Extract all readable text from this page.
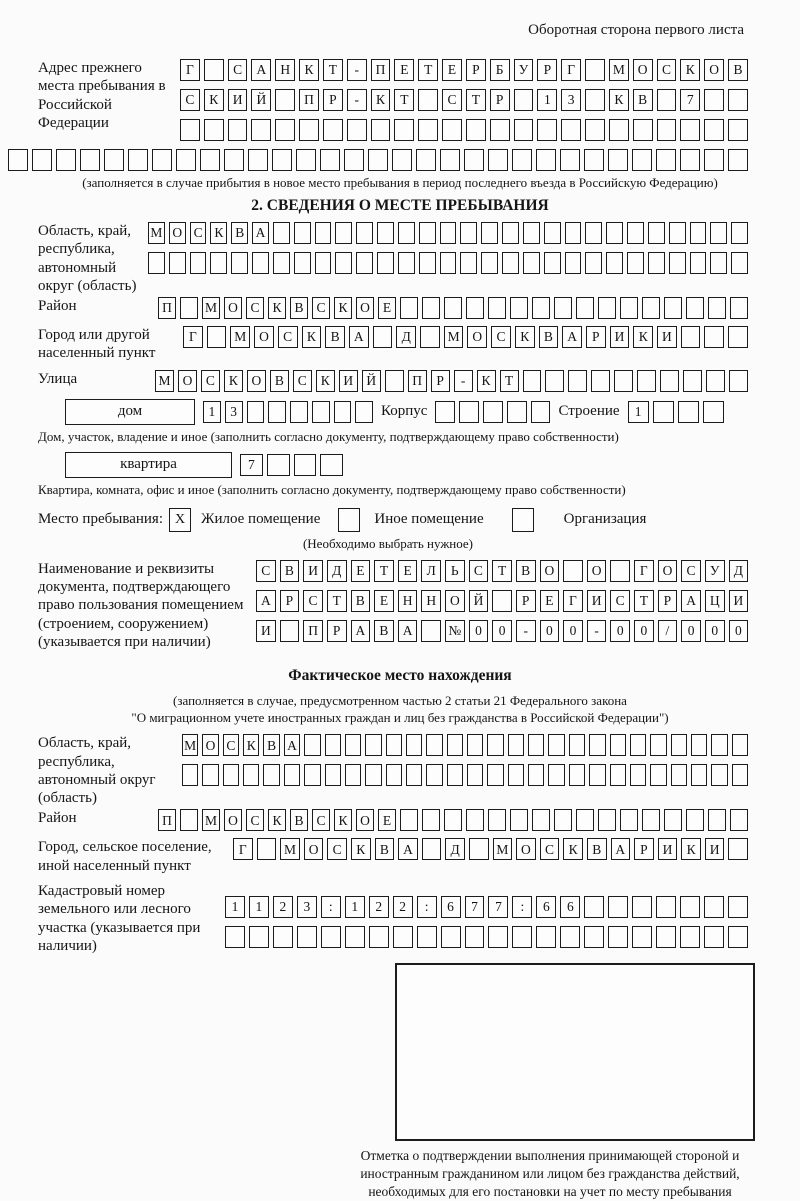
Оборотная сторона первого листа
Адрес прежнего места пребывания в Российской Федерации
Г	С	А	Н	К	Т	-	П	Е	Т	Е	Р	Б	У	Р	Г	М О	С	К	О	В
С	К	И	Й	П	Р	-	К	Т	С	Т	Р	1	3	К	В	7
(заполняется в случае прибытия в новое место пребывания в период последнего въезда в Российскую Федерацию)
2. СВЕДЕНИЯ О МЕСТЕ ПРЕБЫВАНИЯ
Область, край, республика, автономный округ (область)
М О С К В А
Район	П	М О С К В С К О Е
Город или другой населенный пункт
Г	М О	С	К	В	А	Д	М О	С	К	В	А	Р	И	К	И
Улица	М О	С	К	О	В	С	К	И Й	П	Р	-	К	Т
дом	1	3	Корпус	Строение	1
Дом, участок, владение и иное (заполнить согласно документу, подтверждающему право собственности)
квартира	7
Квартира, комната, офис и иное (заполнить согласно документу, подтверждающему право собственности)
Место пребывания: X	Жилое помещение	Иное помещение	Организация
(Необходимо выбрать нужное)
Наименование и реквизиты документа, подтверждающего право пользования помещением (строением, сооружением) (указывается при наличии)
С	В	И	Д	Е	Т	Е	Л	Ь	С	Т	В	О	О	Г	О	С	У	Д
А	Р	С	Т	В	Е	Н	Н	О	Й	Р	Е	Г	И	С	Т	Р	А	Ц	И
И	П	Р	А	В	А	№	0	0	-	0	0	-	0	0	/	0	0	0
Фактическое место нахождения
(заполняется в случае, предусмотренном частью 2 статьи 21 Федерального закона
"О миграционном учете иностранных граждан и лиц без гражданства в Российской Федерации")
Область, край, республика, автономный округ (область)
М О С К В А
Район	П	М О С К В С К О Е
Город, сельское поселение, иной населенный пункт
Г	М О	С	К	В	А	Д	М О	С	К	В	А	Р	И	К	И
Кадастровый номер земельного или лесного участка (указывается при наличии)
1	1	2	3	:	1	2	2	:	6	7	7	:	6	6
Отметка о подтверждении выполнения принимающей стороной и иностранным гражданином или лицом без гражданства действий, необходимых для его постановки на учет по месту пребывания
